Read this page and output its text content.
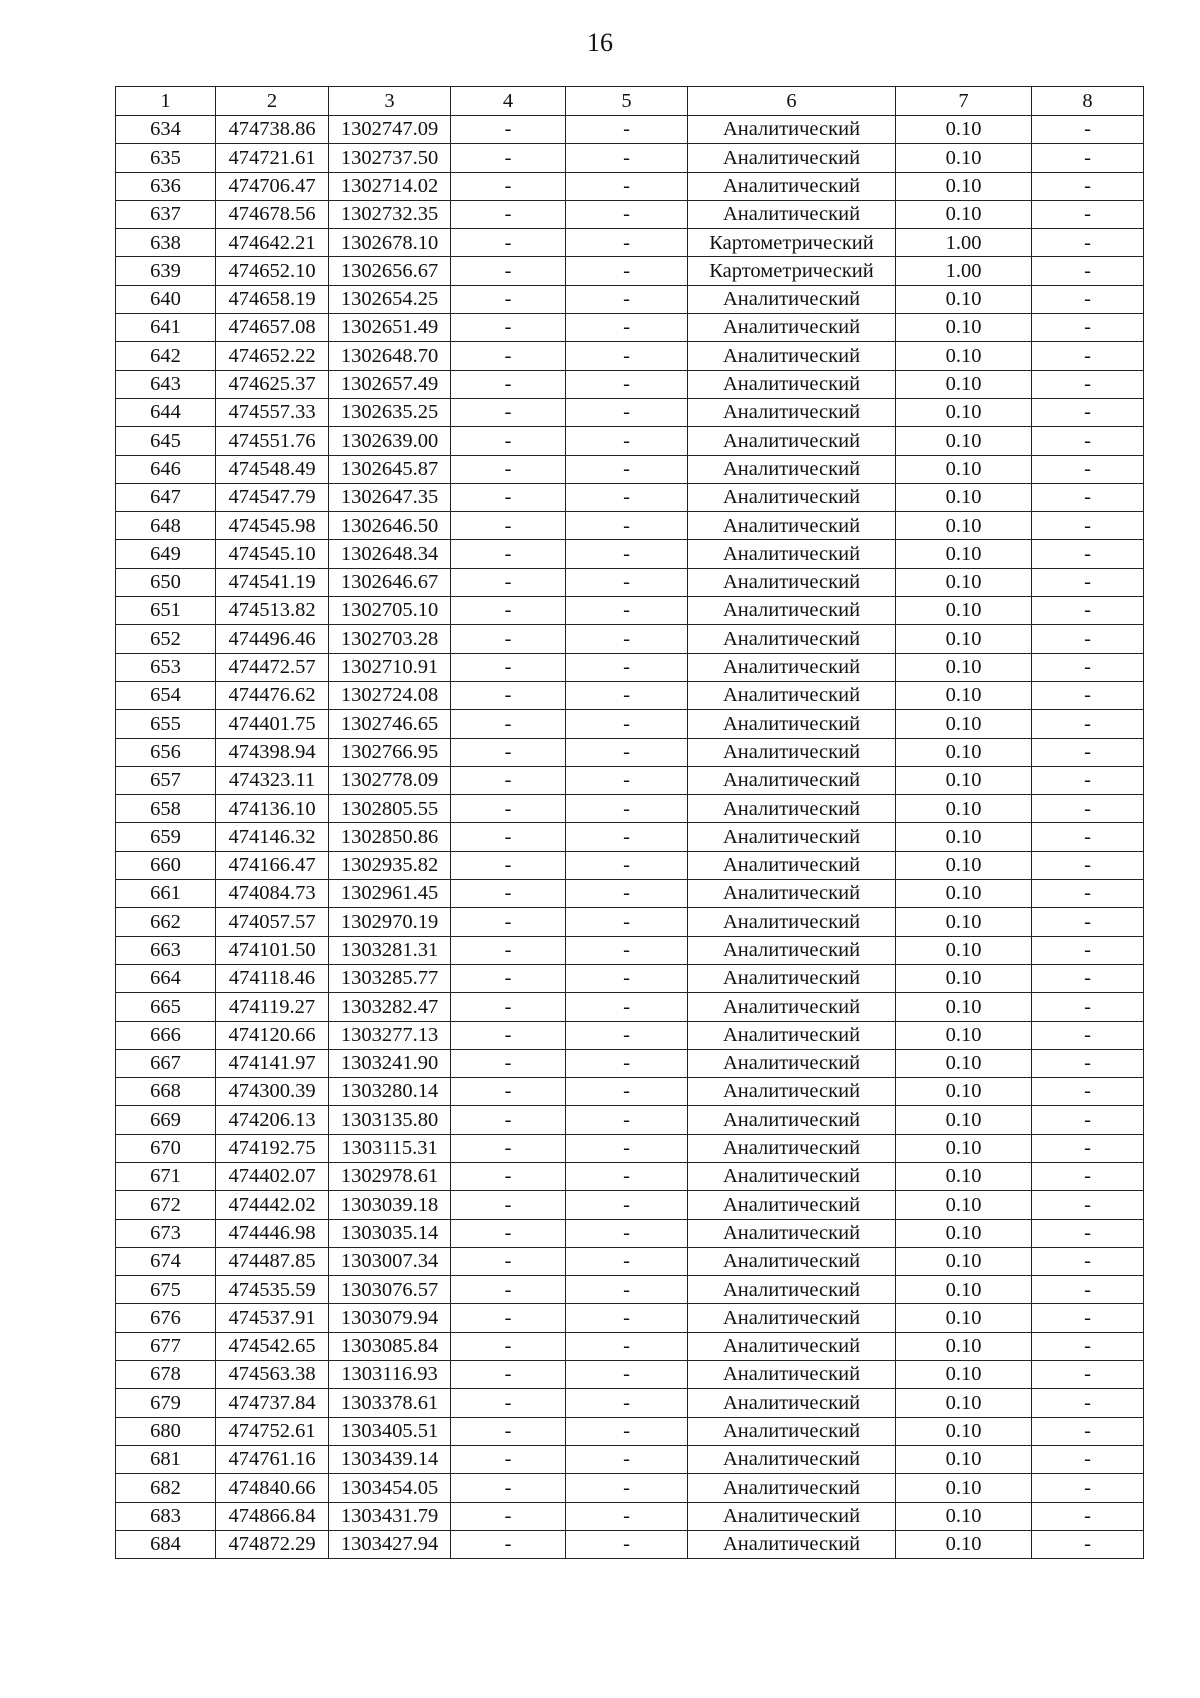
16
1	2	3	4	5	6	7	8
634	474738.86	1302747.09	-	-	Аналитический	0.10	-
635	474721.61	1302737.50	-	-	Аналитический	0.10	-
636	474706.47	1302714.02	-	-	Аналитический	0.10	-
637	474678.56	1302732.35	-	-	Аналитический	0.10	-
638	474642.21	1302678.10	-	-	Картометрический	1.00	-
639	474652.10	1302656.67	-	-	Картометрический	1.00	-
640	474658.19	1302654.25	-	-	Аналитический	0.10	-
641	474657.08	1302651.49	-	-	Аналитический	0.10	-
642	474652.22	1302648.70	-	-	Аналитический	0.10	-
643	474625.37	1302657.49	-	-	Аналитический	0.10	-
644	474557.33	1302635.25	-	-	Аналитический	0.10	-
645	474551.76	1302639.00	-	-	Аналитический	0.10	-
646	474548.49	1302645.87	-	-	Аналитический	0.10	-
647	474547.79	1302647.35	-	-	Аналитический	0.10	-
648	474545.98	1302646.50	-	-	Аналитический	0.10	-
649	474545.10	1302648.34	-	-	Аналитический	0.10	-
650	474541.19	1302646.67	-	-	Аналитический	0.10	-
651	474513.82	1302705.10	-	-	Аналитический	0.10	-
652	474496.46	1302703.28	-	-	Аналитический	0.10	-
653	474472.57	1302710.91	-	-	Аналитический	0.10	-
654	474476.62	1302724.08	-	-	Аналитический	0.10	-
655	474401.75	1302746.65	-	-	Аналитический	0.10	-
656	474398.94	1302766.95	-	-	Аналитический	0.10	-
657	474323.11	1302778.09	-	-	Аналитический	0.10	-
658	474136.10	1302805.55	-	-	Аналитический	0.10	-
659	474146.32	1302850.86	-	-	Аналитический	0.10	-
660	474166.47	1302935.82	-	-	Аналитический	0.10	-
661	474084.73	1302961.45	-	-	Аналитический	0.10	-
662	474057.57	1302970.19	-	-	Аналитический	0.10	-
663	474101.50	1303281.31	-	-	Аналитический	0.10	-
664	474118.46	1303285.77	-	-	Аналитический	0.10	-
665	474119.27	1303282.47	-	-	Аналитический	0.10	-
666	474120.66	1303277.13	-	-	Аналитический	0.10	-
667	474141.97	1303241.90	-	-	Аналитический	0.10	-
668	474300.39	1303280.14	-	-	Аналитический	0.10	-
669	474206.13	1303135.80	-	-	Аналитический	0.10	-
670	474192.75	1303115.31	-	-	Аналитический	0.10	-
671	474402.07	1302978.61	-	-	Аналитический	0.10	-
672	474442.02	1303039.18	-	-	Аналитический	0.10	-
673	474446.98	1303035.14	-	-	Аналитический	0.10	-
674	474487.85	1303007.34	-	-	Аналитический	0.10	-
675	474535.59	1303076.57	-	-	Аналитический	0.10	-
676	474537.91	1303079.94	-	-	Аналитический	0.10	-
677	474542.65	1303085.84	-	-	Аналитический	0.10	-
678	474563.38	1303116.93	-	-	Аналитический	0.10	-
679	474737.84	1303378.61	-	-	Аналитический	0.10	-
680	474752.61	1303405.51	-	-	Аналитический	0.10	-
681	474761.16	1303439.14	-	-	Аналитический	0.10	-
682	474840.66	1303454.05	-	-	Аналитический	0.10	-
683	474866.84	1303431.79	-	-	Аналитический	0.10	-
684	474872.29	1303427.94	-	-	Аналитический	0.10	-
